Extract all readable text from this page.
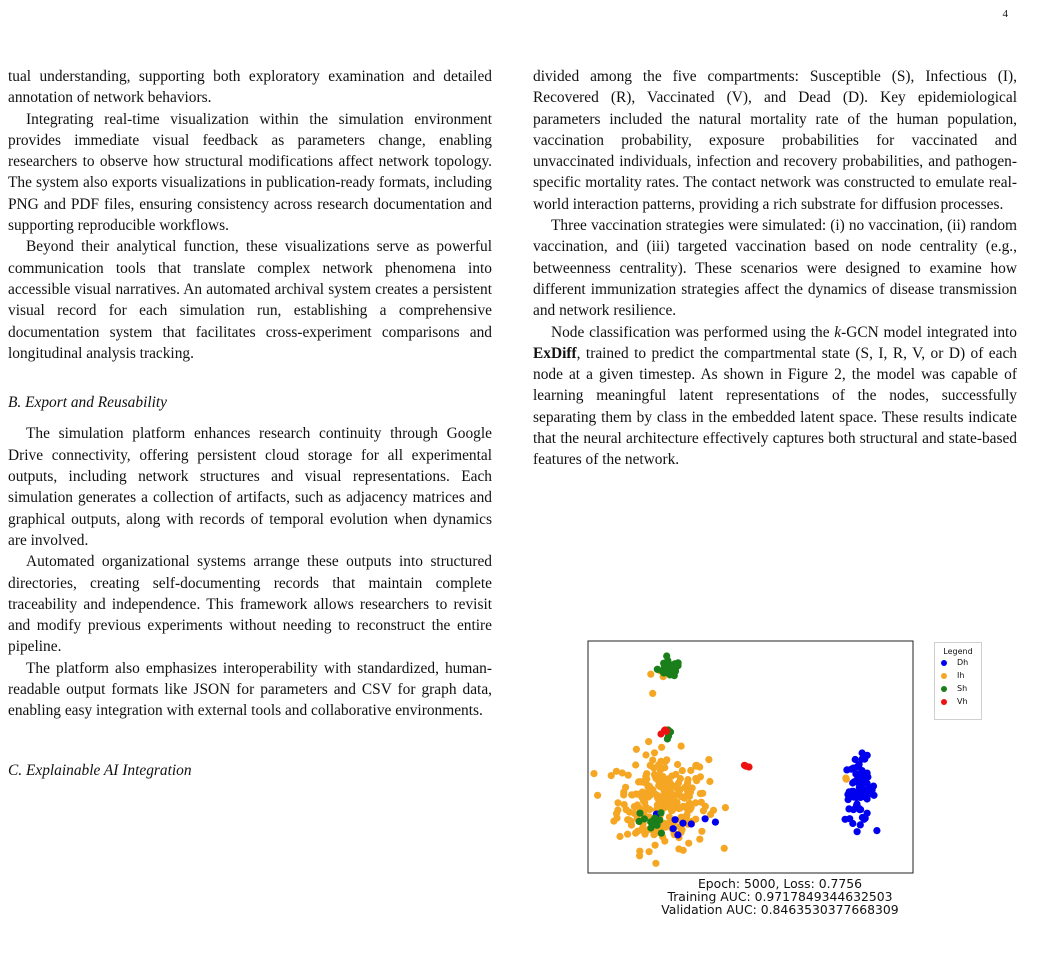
4

tual understanding, supporting both exploratory examination and detailed annotation of network behaviors.

Integrating real-time visualization within the simulation environment provides immediate visual feedback as parameters change, enabling researchers to observe how structural modifications affect network topology. The system also exports visualizations in publication-ready formats, including PNG and PDF files, ensuring consistency across research documentation and supporting reproducible workflows.

Beyond their analytical function, these visualizations serve as powerful communication tools that translate complex network phenomena into accessible visual narratives. An automated archival system creates a persistent visual record for each simulation run, establishing a comprehensive documentation system that facilitates cross-experiment comparisons and longitudinal analysis tracking.

B. Export and Reusability

The simulation platform enhances research continuity through Google Drive connectivity, offering persistent cloud storage for all experimental outputs, including network structures and visual representations. Each simulation generates a collection of artifacts, such as adjacency matrices and graphical outputs, along with records of temporal evolution when dynamics are involved.

Automated organizational systems arrange these outputs into structured directories, creating self-documenting records that maintain complete traceability and independence. This framework allows researchers to revisit and modify previous experiments without needing to reconstruct the entire pipeline.

The platform also emphasizes interoperability with standardized, human-readable output formats like JSON for parameters and CSV for graph data, enabling easy integration with external tools and collaborative environments.

C. Explainable AI Integration

divided among the five compartments: Susceptible (S), Infectious (I), Recovered (R), Vaccinated (V), and Dead (D). Key epidemiological parameters included the natural mortality rate of the human population, vaccination probability, exposure probabilities for vaccinated and unvaccinated individuals, infection and recovery probabilities, and pathogen-specific mortality rates. The contact network was constructed to emulate real-world interaction patterns, providing a rich substrate for diffusion processes.

Three vaccination strategies were simulated: (i) no vaccination, (ii) random vaccination, and (iii) targeted vaccination based on node centrality (e.g., betweenness centrality). These scenarios were designed to examine how different immunization strategies affect the dynamics of disease transmission and network resilience.

Node classification was performed using the k-GCN model integrated into ExDiff, trained to predict the compartmental state (S, I, R, V, or D) of each node at a given timestep. As shown in Figure 2, the model was capable of learning meaningful latent representations of the nodes, successfully separating them by class in the embedded latent space. These results indicate that the neural architecture effectively captures both structural and state-based features of the network.

Legend
Dh
Ih
Sh
Vh
Epoch: 5000, Loss: 0.7756
Training AUC: 0.9717849344632503
Validation AUC: 0.8463530377668309
